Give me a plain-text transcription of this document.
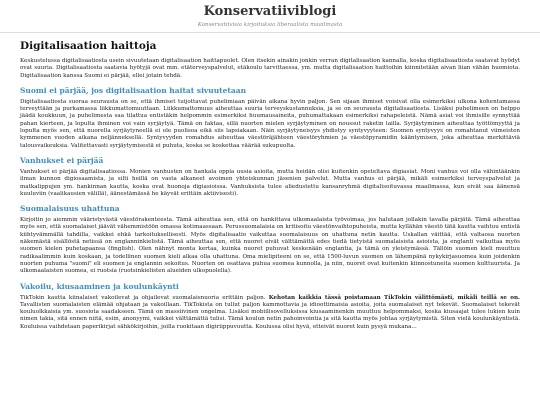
Konservatiiviblogi
Konservatiivisia kirjoituksia liberaalista maailmasta
Digitalisaation haittoja

Keskustelussa digitalisaatiosta usein sivuutetaan digitalisaation haittapuolet. Olen itsekin ainakin jonkin verran digitalisaation kannalla, koska digitalisaatiosta saatavat hyödyt ovat suuria. Digitalisaatiosta saatavia hyötyjä ovat mm. etäterveyspalvelut, etäkoulu tarvittaessa, ym. mutta digitalisaation haittoihin kiinnitetään aivan liian vähän huomiota. Digitalisaation kanssa Suomi ei pärjää, ellei jotain tehdä.

Suomi ei pärjää, jos digitalisaation haitat sivuutetaan

Digitalisaatiosta suoraa seurausta on se, että ihmiset tuijottavat puhelimiaan päivän aikana hyvin paljon. Sen sijaan ihmiset voisivat olla esimerkiksi ulkona kohentamassa terveyttään ja purkamassa liikkumattomuuttaan. Liikkumattomuus aiheuttaa suuria terveyskustannuksia, ja se on seurausta digitalisaatiosta. Lisäksi puhelimeen on helppo jäädä koukkuun, ja puhelimesta saa tilattua entistäkin helpommin esimerkiksi huumausaineita, puhumattakaan esimerkiksi rahapeleistä. Nämä asiat voi ihmisille synnyttää pahan kierteen, ja lopulta ihminen voi vain syrjäytyä. Tämä on faktaa, sillä nuorten mielen syrjäytyminen on noussut raketin lailla. Syrjäytyminen aiheuttaa työttömyyttä ja lopulta myös sen, että nuorella syrjäytyneellä ei ole puolisoa eikä siis lapsiakaan. Näin syrjäytyneisyys yhdistyy syntyvyyteen: Suomen syntyvyys on romahtanut viimeisten kymmenen vuoden aikana neljänneksellä. Syntyvyyden romahdus aiheuttaa väestöräjähteen väestöryhmien ja väestöpyramidin kääntymisen, joka aiheuttaa merkittäviä talousvaikeuksia. Valitettavasti syrjäytymisestä ei puhuta, koska se koskettaa väärää sukupuolta.

Vanhukset ei pärjää

Vanhukset ei pärjää digitalisaatiossa. Monien vanhusten on hankala oppia uusia asioita, mutta heidän olisi kuitenkin opeteltava digiasiat. Moni vanhus voi olla vähintäänkin ilman kunnon digiosaamista, ja silti heillä on vasta alkaneet avoimen yhteiskunnan jäsenien palvelut. Mutta vanhus ei pärjää, mikäli esimerkiksi terveyspalvelut ja matkalippujen ym. hankinnan kautta, koska ovat huonoja digiasioissa. Vanhuksista tulee aliedustettu kansanryhmä digitalisoituvassa maailmassa, kun eivät saa äänensä kuuluviin (vaalikausien välillä), äänestämässä he käyvät erittäin aktiivisesti).

Suomalaisuus uhattuna

Kirjoitin jo aiemmin vääristyvästä väestörakenteesta. Tämä aiheuttaa sen, että on hankittava ulkomaalaista työvoimaa, jos halutaan jollakin tavalla pärjätä. Tämä aiheuttaa myös sen, että suomalaiset jäävät vähemmistöön omassa kotimaassaan. Perussuomalaisia on kritisoitu väestönvaihtopuheista, mutta kyllähän väestö tätä kautta vaihtuu entistä kiihtyvämmällä tahdilla, vaikkei ehkä tarkoituksellisesti. Myös digitalisaatio vaikuttaa suomalaisuus on uhattuna netin kautta. Uskallan väittää, että valtaosa nuorten näkemästä sisällöstä netissä on englanninkielistä. Tämä aiheuttaa sen, että nuoret eivät välttämättä edes tiedä tietyistä suomalaisista asioista, ja englanti vaikuttaa myös suomen kielen puhetapaansa (finglish). Olen nähnyt monta kertaa, kuinka nuoret puhuvat keskenään englantia, ja tämä on yleistymässä. Tällöin suomen kieli muuttuu radikaalimmin kuin koskaan, ja todellinen suomen kieli alkaa olla uhattuna. Oma mielipiteeni on se, että 1500-luvun suomen on lähempänä nykykirjasuomea kuin joidenkin nuorten puhuma "suomi" eli suomen ja englannin sekoitus. Nuorten on osattava puhua suomea kunnolla, ja niin, nuoret ovat kuitenkin kiinnostuneita suomen kulttuurista. Ja ulkomaalaisten suomea, ei ruotsia (ruotsinkielisten alueiden ulkopuolella).

Vakoilu, kiusaaminen ja koulunkäynti

TikTokin kautta kiinalaiset vakoilevat ja ohjailevat suomalaisnuoria erittäin paljon. Kehotan kaikkia tässä poistamaan TikTokin välittömästi, mikäli teillä se on. Tavallisten suomalaisten elämää ohjataan ja vakoillaan. TikTokista on tullut paljon kammottavia ja idioottimaisia asioita, joita suomalaiset nyt tekevät. Suomalaiset tekevät kouluolkkaisia ym. suosiota saadakseen. Tämä on massiivinen ongelma. Lisäksi mobiilisovelluksissa kiusaaminenkin muuttuu helpommaksi, koska kiusaajat tulee lukien kuin nimen takia, sitä ennen niitä, esiin, anonyymi, vaikkei välttämättä tulisi. Tämä koulun netin pahoinvointia ja sitä kautta myös johtaa syrjäytymistä. Siten vielä koulunkäyntistä. Kouluissa vaihdetaan paperikirjat sähkökirjoihin, joilla ruokitaan digiriippuvuutta. Koulussa olisi hyvä, etteivät nuoret kuin pysyä mukana...
